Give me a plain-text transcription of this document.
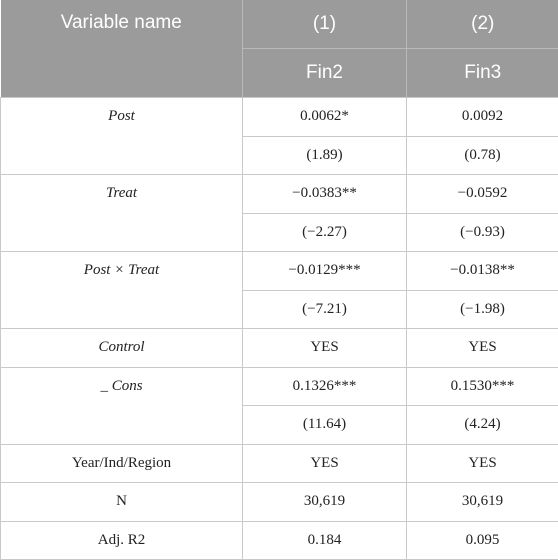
Variable name	(1)	(2)
	Fin2	Fin3
Post	0.0062*	0.0092
	(1.89)	(0.78)
Treat	−0.0383**	−0.0592
	(−2.27)	(−0.93)
Post × Treat	−0.0129***	−0.0138**
	(−7.21)	(−1.98)
Control	YES	YES
_ Cons	0.1326***	0.1530***
	(11.64)	(4.24)
Year/Ind/Region	YES	YES
N	30,619	30,619
Adj. R2	0.184	0.095
